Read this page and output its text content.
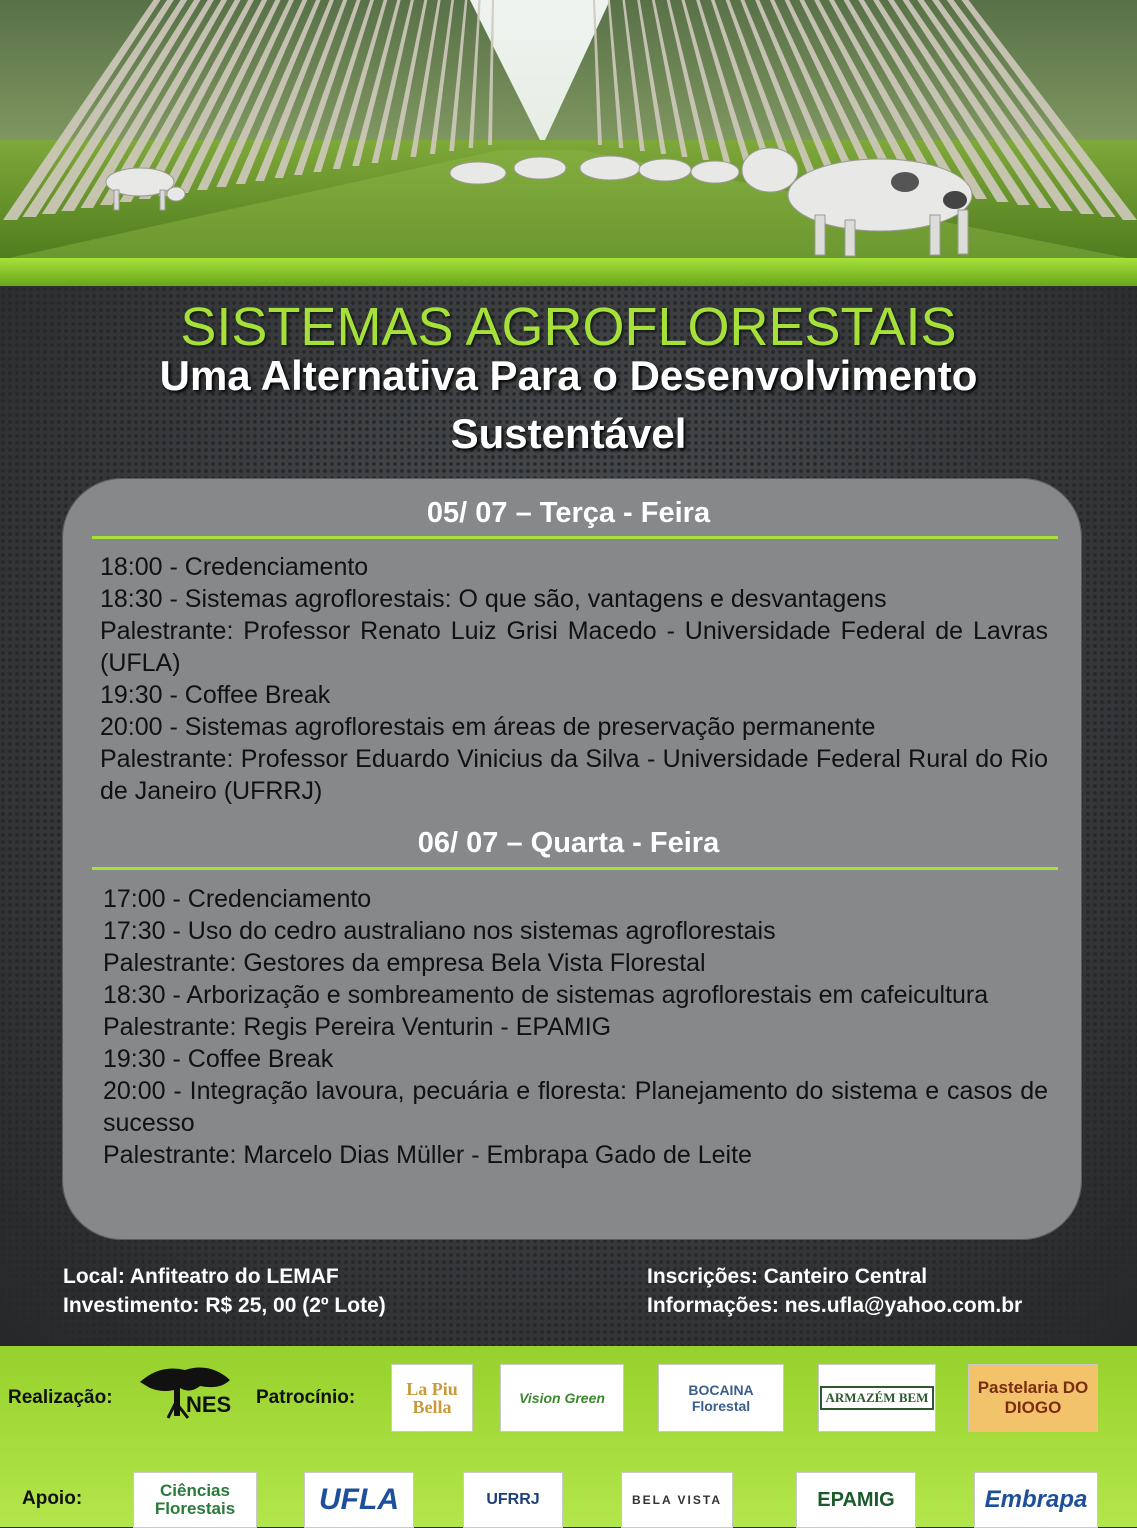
SISTEMAS AGROFLORESTAIS
Uma Alternativa Para o Desenvolvimento
Sustentável
05/ 07 – Terça - Feira

18:00 - Credenciamento

18:30 - Sistemas agroflorestais: O que são, vantagens e desvantagens

Palestrante: Professor Renato Luiz Grisi Macedo - Universidade Federal de Lavras (UFLA)

19:30 - Coffee Break

20:00 - Sistemas agroflorestais em áreas de preservação permanente

Palestrante: Professor Eduardo Vinicius da Silva - Universidade Federal Rural do Rio de Janeiro (UFRRJ)

06/ 07 – Quarta - Feira

17:00 - Credenciamento

17:30 - Uso do cedro australiano nos sistemas agroflorestais

Palestrante: Gestores da empresa Bela Vista Florestal

18:30 - Arborização e sombreamento de sistemas agroflorestais em cafeicultura

Palestrante: Regis Pereira Venturin - EPAMIG

19:30 - Coffee Break

20:00 - Integração lavoura, pecuária e floresta: Planejamento do sistema e casos de sucesso

Palestrante: Marcelo Dias Müller - Embrapa Gado de Leite

Local: Anfiteatro do LEMAF

Investimento: R$ 25, 00 (2º Lote)

Inscrições: Canteiro Central

Informações: nes.ufla@yahoo.com.br

Realização:	NES Patrocínio:	La Piu Bella	Vision Green	BOCAINA Florestal
ARMAZÉM BEM
Pastelaria DO DIOGO
Apoio:	Ciências Florestais	UFLA	UFRRJ	BELA VISTA	EPAMIG	Embrapa
